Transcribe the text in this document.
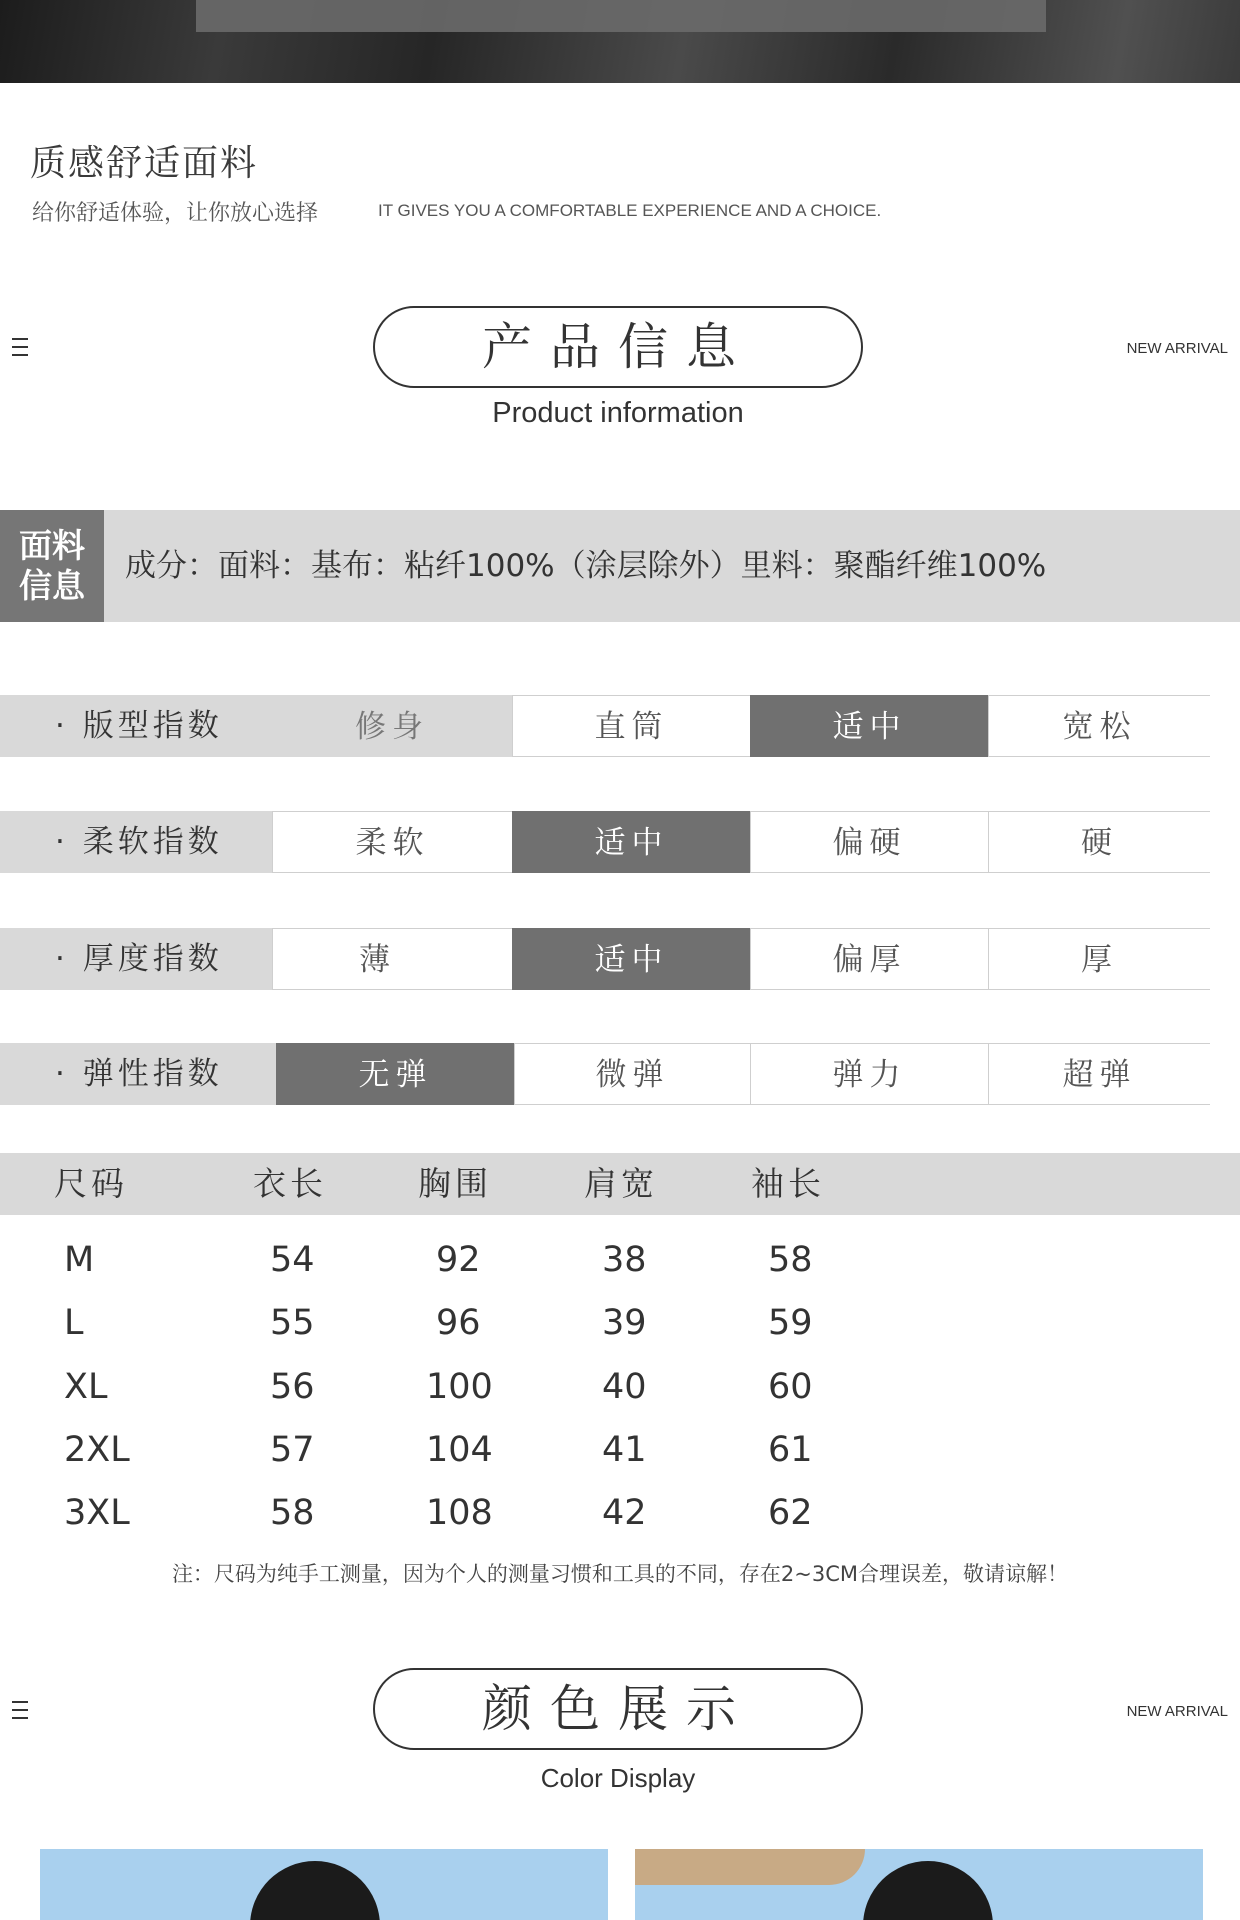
质感舒适面料
给你舒适体验，让你放心选择	IT GIVES YOU A COMFORTABLE EXPERIENCE AND A CHOICE.
产品信息
Product information
NEW ARRIVAL
面料
信息 成分：面料：基布：粘纤100%（涂层除外）里料：聚酯纤维100%
· 版型指数	修身	直筒	适中	宽松
· 柔软指数	柔软	适中	偏硬	硬
· 厚度指数	薄	适中	偏厚	厚
· 弹性指数	无弹	微弹	弹力	超弹
尺码	衣长	胸围	肩宽	袖长
M	54	92	38	58
L	55	96	39	59
XL	56	100	40	60
2XL	57	104	41	61
3XL	58	108	42	62
注：尺码为纯手工测量，因为个人的测量习惯和工具的不同，存在2~3CM合理误差，敬请谅解！
颜色展示
Color Display
NEW ARRIVAL
